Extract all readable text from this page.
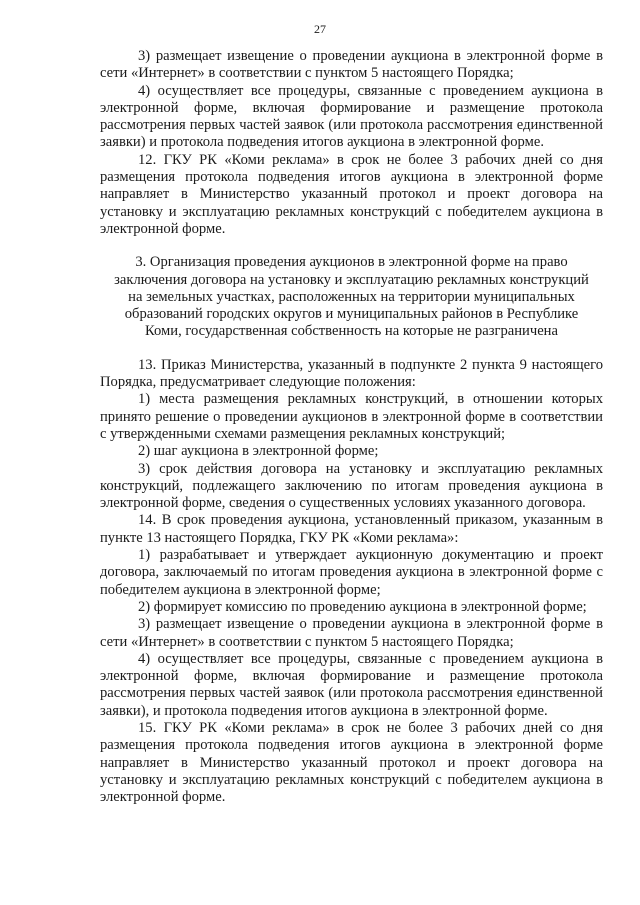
27

3) размещает извещение о проведении аукциона в электронной форме в сети «Интернет» в соответствии с пунктом 5 настоящего Порядка;

4) осуществляет все процедуры, связанные с проведением аукциона в электронной форме, включая формирование и размещение протокола рассмотрения первых частей заявок (или протокола рассмотрения единственной заявки) и протокола подведения итогов аукциона в электронной форме.

12. ГКУ РК «Коми реклама» в срок не более 3 рабочих дней со дня размещения протокола подведения итогов аукциона в электронной форме направляет в Министерство указанный протокол и проект договора на установку и эксплуатацию рекламных конструкций с победителем аукциона в электронной форме.

3. Организация проведения аукционов в электронной форме на право заключения договора на установку и эксплуатацию рекламных конструкций на земельных участках, расположенных на территории муниципальных образований городских округов и муниципальных районов в Республике Коми, государственная собственность на которые не разграничена

13. Приказ Министерства, указанный в подпункте 2 пункта 9 настоящего Порядка, предусматривает следующие положения:

1) места размещения рекламных конструкций, в отношении которых принято решение о проведении аукционов в электронной форме в соответствии с утвержденными схемами размещения рекламных конструкций;

2) шаг аукциона в электронной форме;

3) срок действия договора на установку и эксплуатацию рекламных конструкций, подлежащего заключению по итогам проведения аукциона в электронной форме, сведения о существенных условиях указанного договора.

14. В срок проведения аукциона, установленный приказом, указанным в пункте 13 настоящего Порядка, ГКУ РК «Коми реклама»:

1) разрабатывает и утверждает аукционную документацию и проект договора, заключаемый по итогам проведения аукциона в электронной форме с победителем аукциона в электронной форме;

2) формирует комиссию по проведению аукциона в электронной форме;

3) размещает извещение о проведении аукциона в электронной форме в сети «Интернет» в соответствии с пунктом 5 настоящего Порядка;

4) осуществляет все процедуры, связанные с проведением аукциона в электронной форме, включая формирование и размещение протокола рассмотрения первых частей заявок (или протокола рассмотрения единственной заявки), и протокола подведения итогов аукциона в электронной форме.

15. ГКУ РК «Коми реклама» в срок не более 3 рабочих дней со дня размещения протокола подведения итогов аукциона в электронной форме направляет в Министерство указанный протокол и проект договора на установку и эксплуатацию рекламных конструкций с победителем аукциона в электронной форме.
